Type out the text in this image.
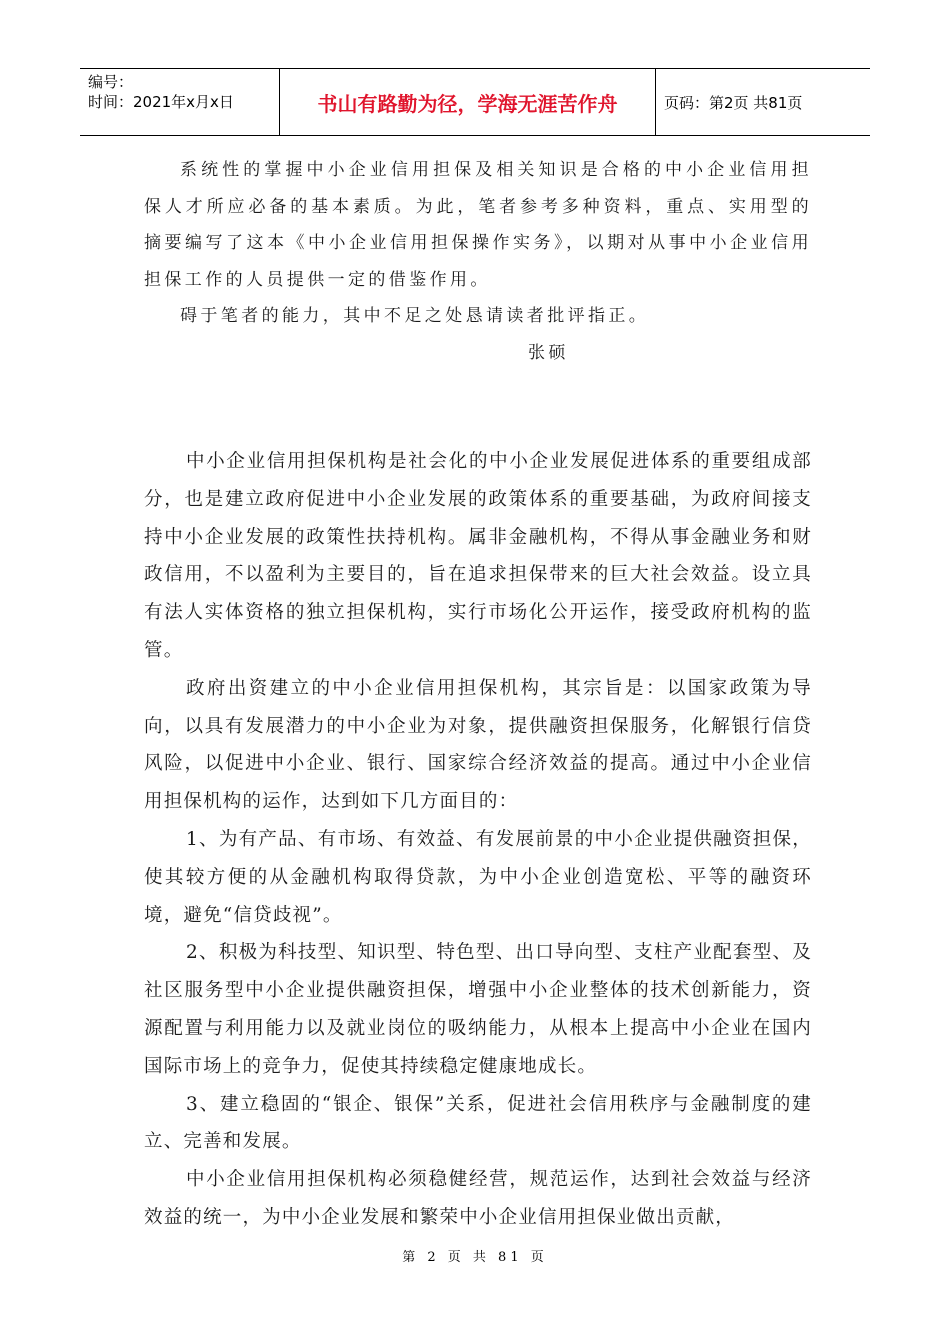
编号：
时间：2021年x月x日	书山有路勤为径，学海无涯苦作舟	页码：第2页 共81页

系统性的掌握中小企业信用担保及相关知识是合格的中小企业信用担保人才所应必备的基本素质。为此，笔者参考多种资料，重点、实用型的摘要编写了这本《中小企业信用担保操作实务》，以期对从事中小企业信用担保工作的人员提供一定的借鉴作用。

碍于笔者的能力，其中不足之处恳请读者批评指正。

张硕

中小企业信用担保机构是社会化的中小企业发展促进体系的重要组成部分，也是建立政府促进中小企业发展的政策体系的重要基础，为政府间接支持中小企业发展的政策性扶持机构。属非金融机构，不得从事金融业务和财政信用，不以盈利为主要目的，旨在追求担保带来的巨大社会效益。设立具有法人实体资格的独立担保机构，实行市场化公开运作，接受政府机构的监管。

政府出资建立的中小企业信用担保机构，其宗旨是：以国家政策为导向，以具有发展潜力的中小企业为对象，提供融资担保服务，化解银行信贷风险，以促进中小企业、银行、国家综合经济效益的提高。通过中小企业信用担保机构的运作，达到如下几方面目的：

1、为有产品、有市场、有效益、有发展前景的中小企业提供融资担保，使其较方便的从金融机构取得贷款，为中小企业创造宽松、平等的融资环境，避免“信贷歧视”。

2、积极为科技型、知识型、特色型、出口导向型、支柱产业配套型、及社区服务型中小企业提供融资担保，增强中小企业整体的技术创新能力，资源配置与利用能力以及就业岗位的吸纳能力，从根本上提高中小企业在国内国际市场上的竞争力，促使其持续稳定健康地成长。

3、建立稳固的“银企、银保”关系，促进社会信用秩序与金融制度的建立、完善和发展。

中小企业信用担保机构必须稳健经营，规范运作，达到社会效益与经济效益的统一，为中小企业发展和繁荣中小企业信用担保业做出贡献，

第 2 页 共 81 页
